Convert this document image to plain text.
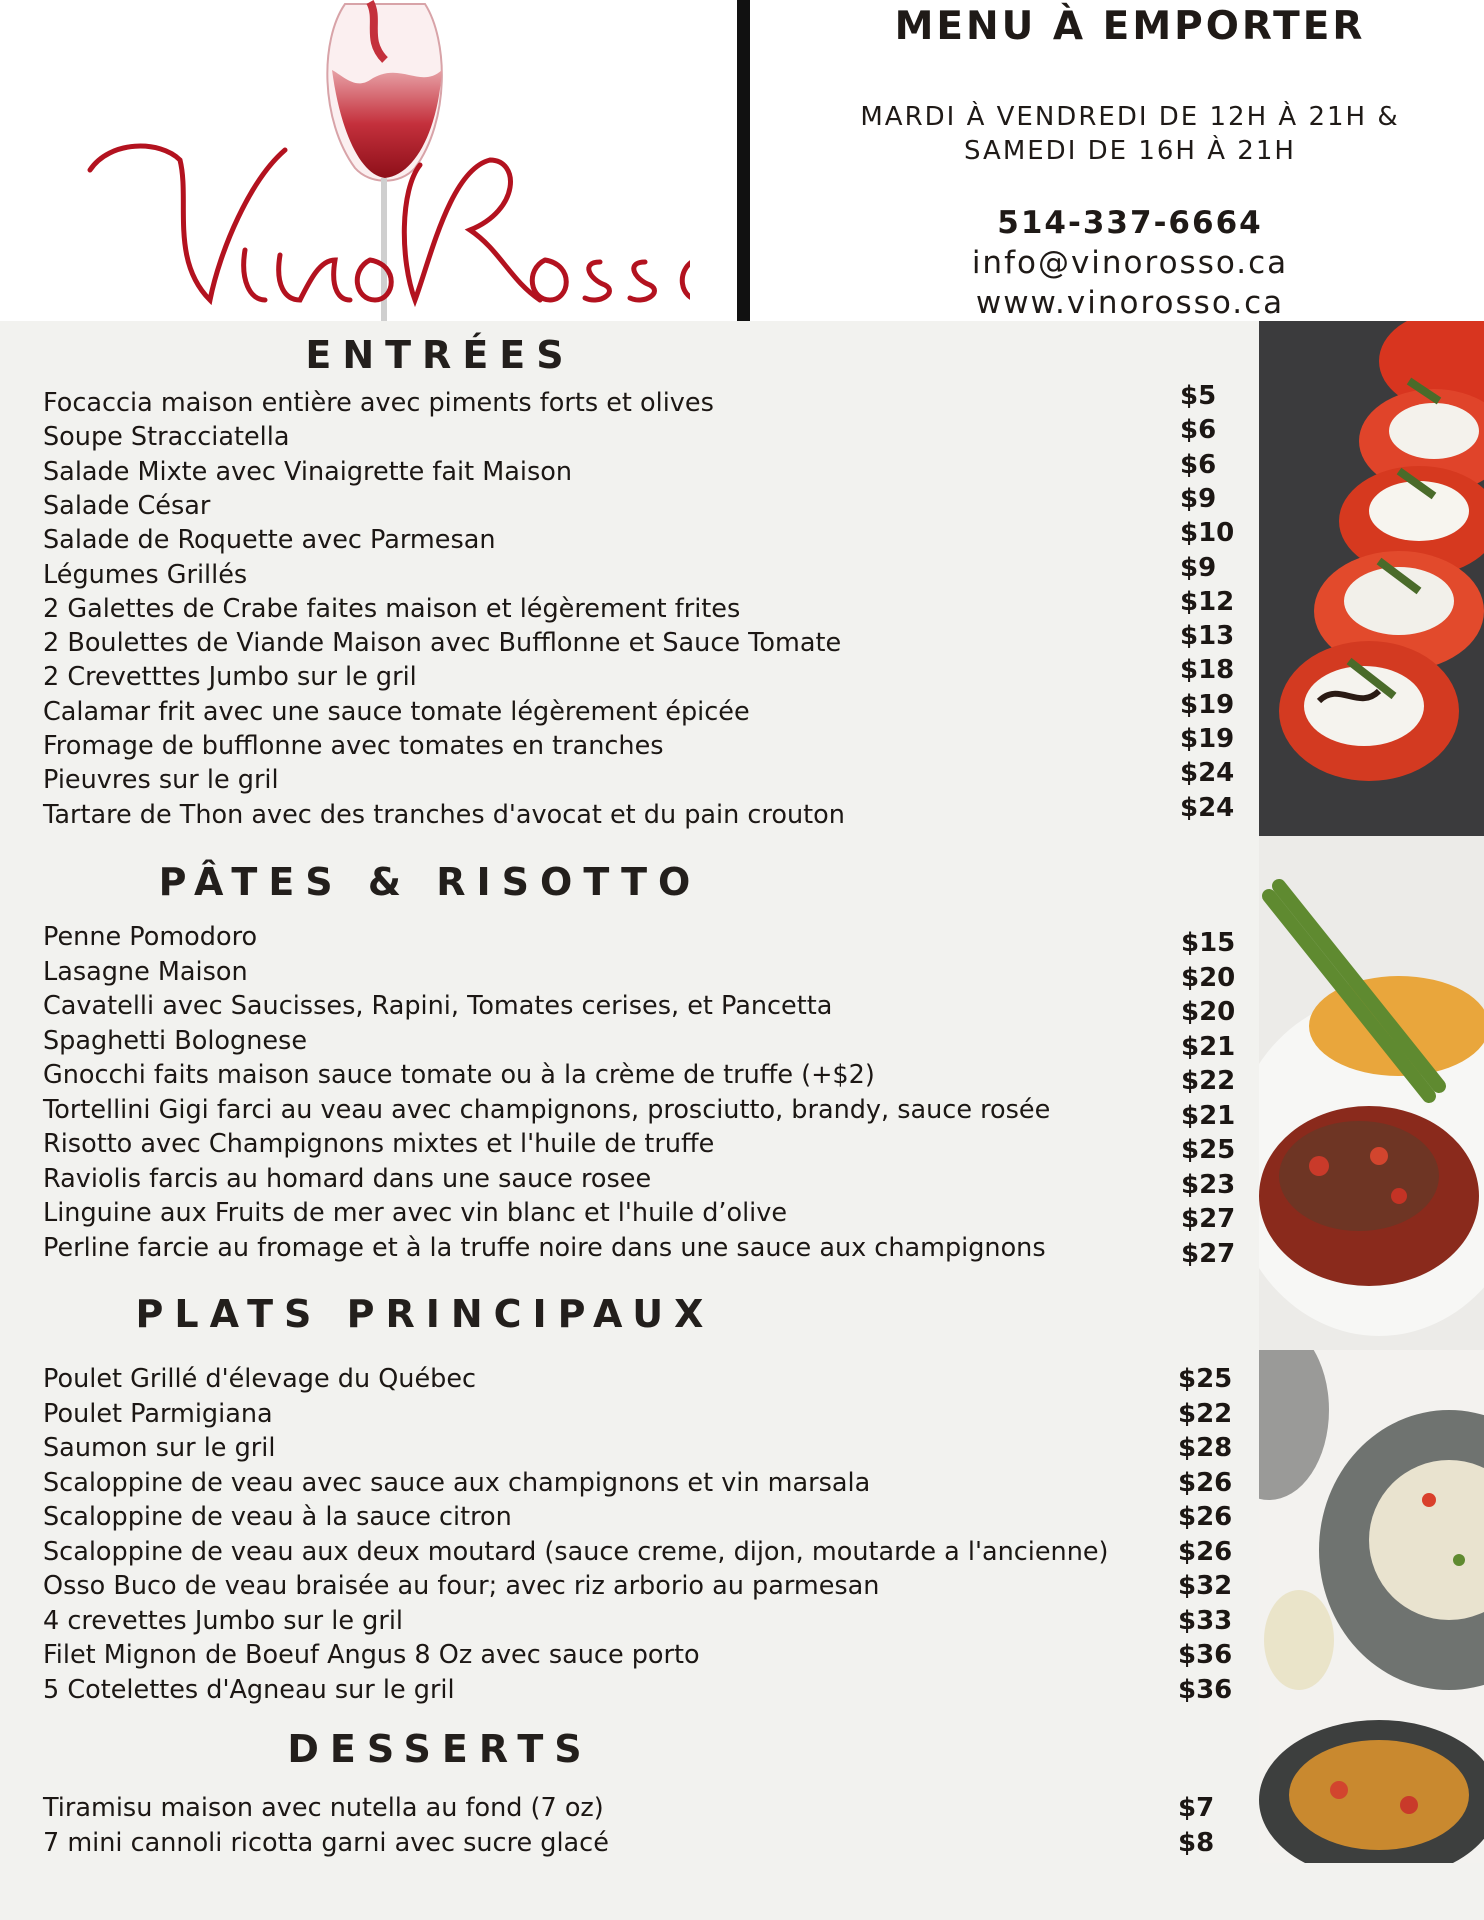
MENU À EMPORTER
MARDI À VENDREDI DE 12H À 21H &
SAMEDI DE 16H À 21H
514-337-6664
info@vinorosso.ca
www.vinorosso.ca
ENTRÉES
PÂTES & RISOTTO
PLATS PRINCIPAUX
DESSERTS
Focaccia maison entière avec piments forts et olives	$5
Soupe Stracciatella	$6
Salade Mixte avec Vinaigrette fait Maison	$6
Salade César	$9
Salade de Roquette avec Parmesan	$10
Légumes Grillés	$9
2 Galettes de Crabe faites maison et légèrement frites	$12
2 Boulettes de Viande Maison avec Bufflonne et Sauce Tomate	$13
2 Crevetttes Jumbo sur le gril	$18
Calamar frit avec une sauce tomate légèrement épicée	$19
Fromage de bufflonne avec tomates en tranches	$19
Pieuvres sur le gril	$24
Tartare de Thon avec des tranches d'avocat et du pain crouton	$24
Penne Pomodoro	$15
Lasagne Maison	$20
Cavatelli avec Saucisses, Rapini, Tomates cerises, et Pancetta	$20
Spaghetti Bolognese	$21
Gnocchi faits maison sauce tomate ou à la crème de truffe (+$2)	$22
Tortellini Gigi farci au veau avec champignons, prosciutto, brandy, sauce rosée	$21
Risotto avec Champignons mixtes et l'huile de truffe	$25
Raviolis farcis au homard dans une sauce rosee	$23
Linguine aux Fruits de mer avec vin blanc et l'huile d’olive	$27
Perline farcie au fromage et à la truffe noire dans une sauce aux champignons	$27
Poulet Grillé d'élevage du Québec	$25
Poulet Parmigiana	$22
Saumon sur le gril	$28
Scaloppine de veau avec sauce aux champignons et vin marsala	$26
Scaloppine de veau à la sauce citron	$26
Scaloppine de veau aux deux moutard (sauce creme, dijon, moutarde a l'ancienne)	$26
Osso Buco de veau braisée au four; avec riz arborio au parmesan	$32
4 crevettes Jumbo sur le gril	$33
Filet Mignon de Boeuf Angus 8 Oz avec sauce porto	$36
5 Cotelettes d'Agneau sur le gril	$36
Tiramisu maison avec nutella au fond (7 oz)	$7
7 mini cannoli ricotta garni avec sucre glacé	$8
